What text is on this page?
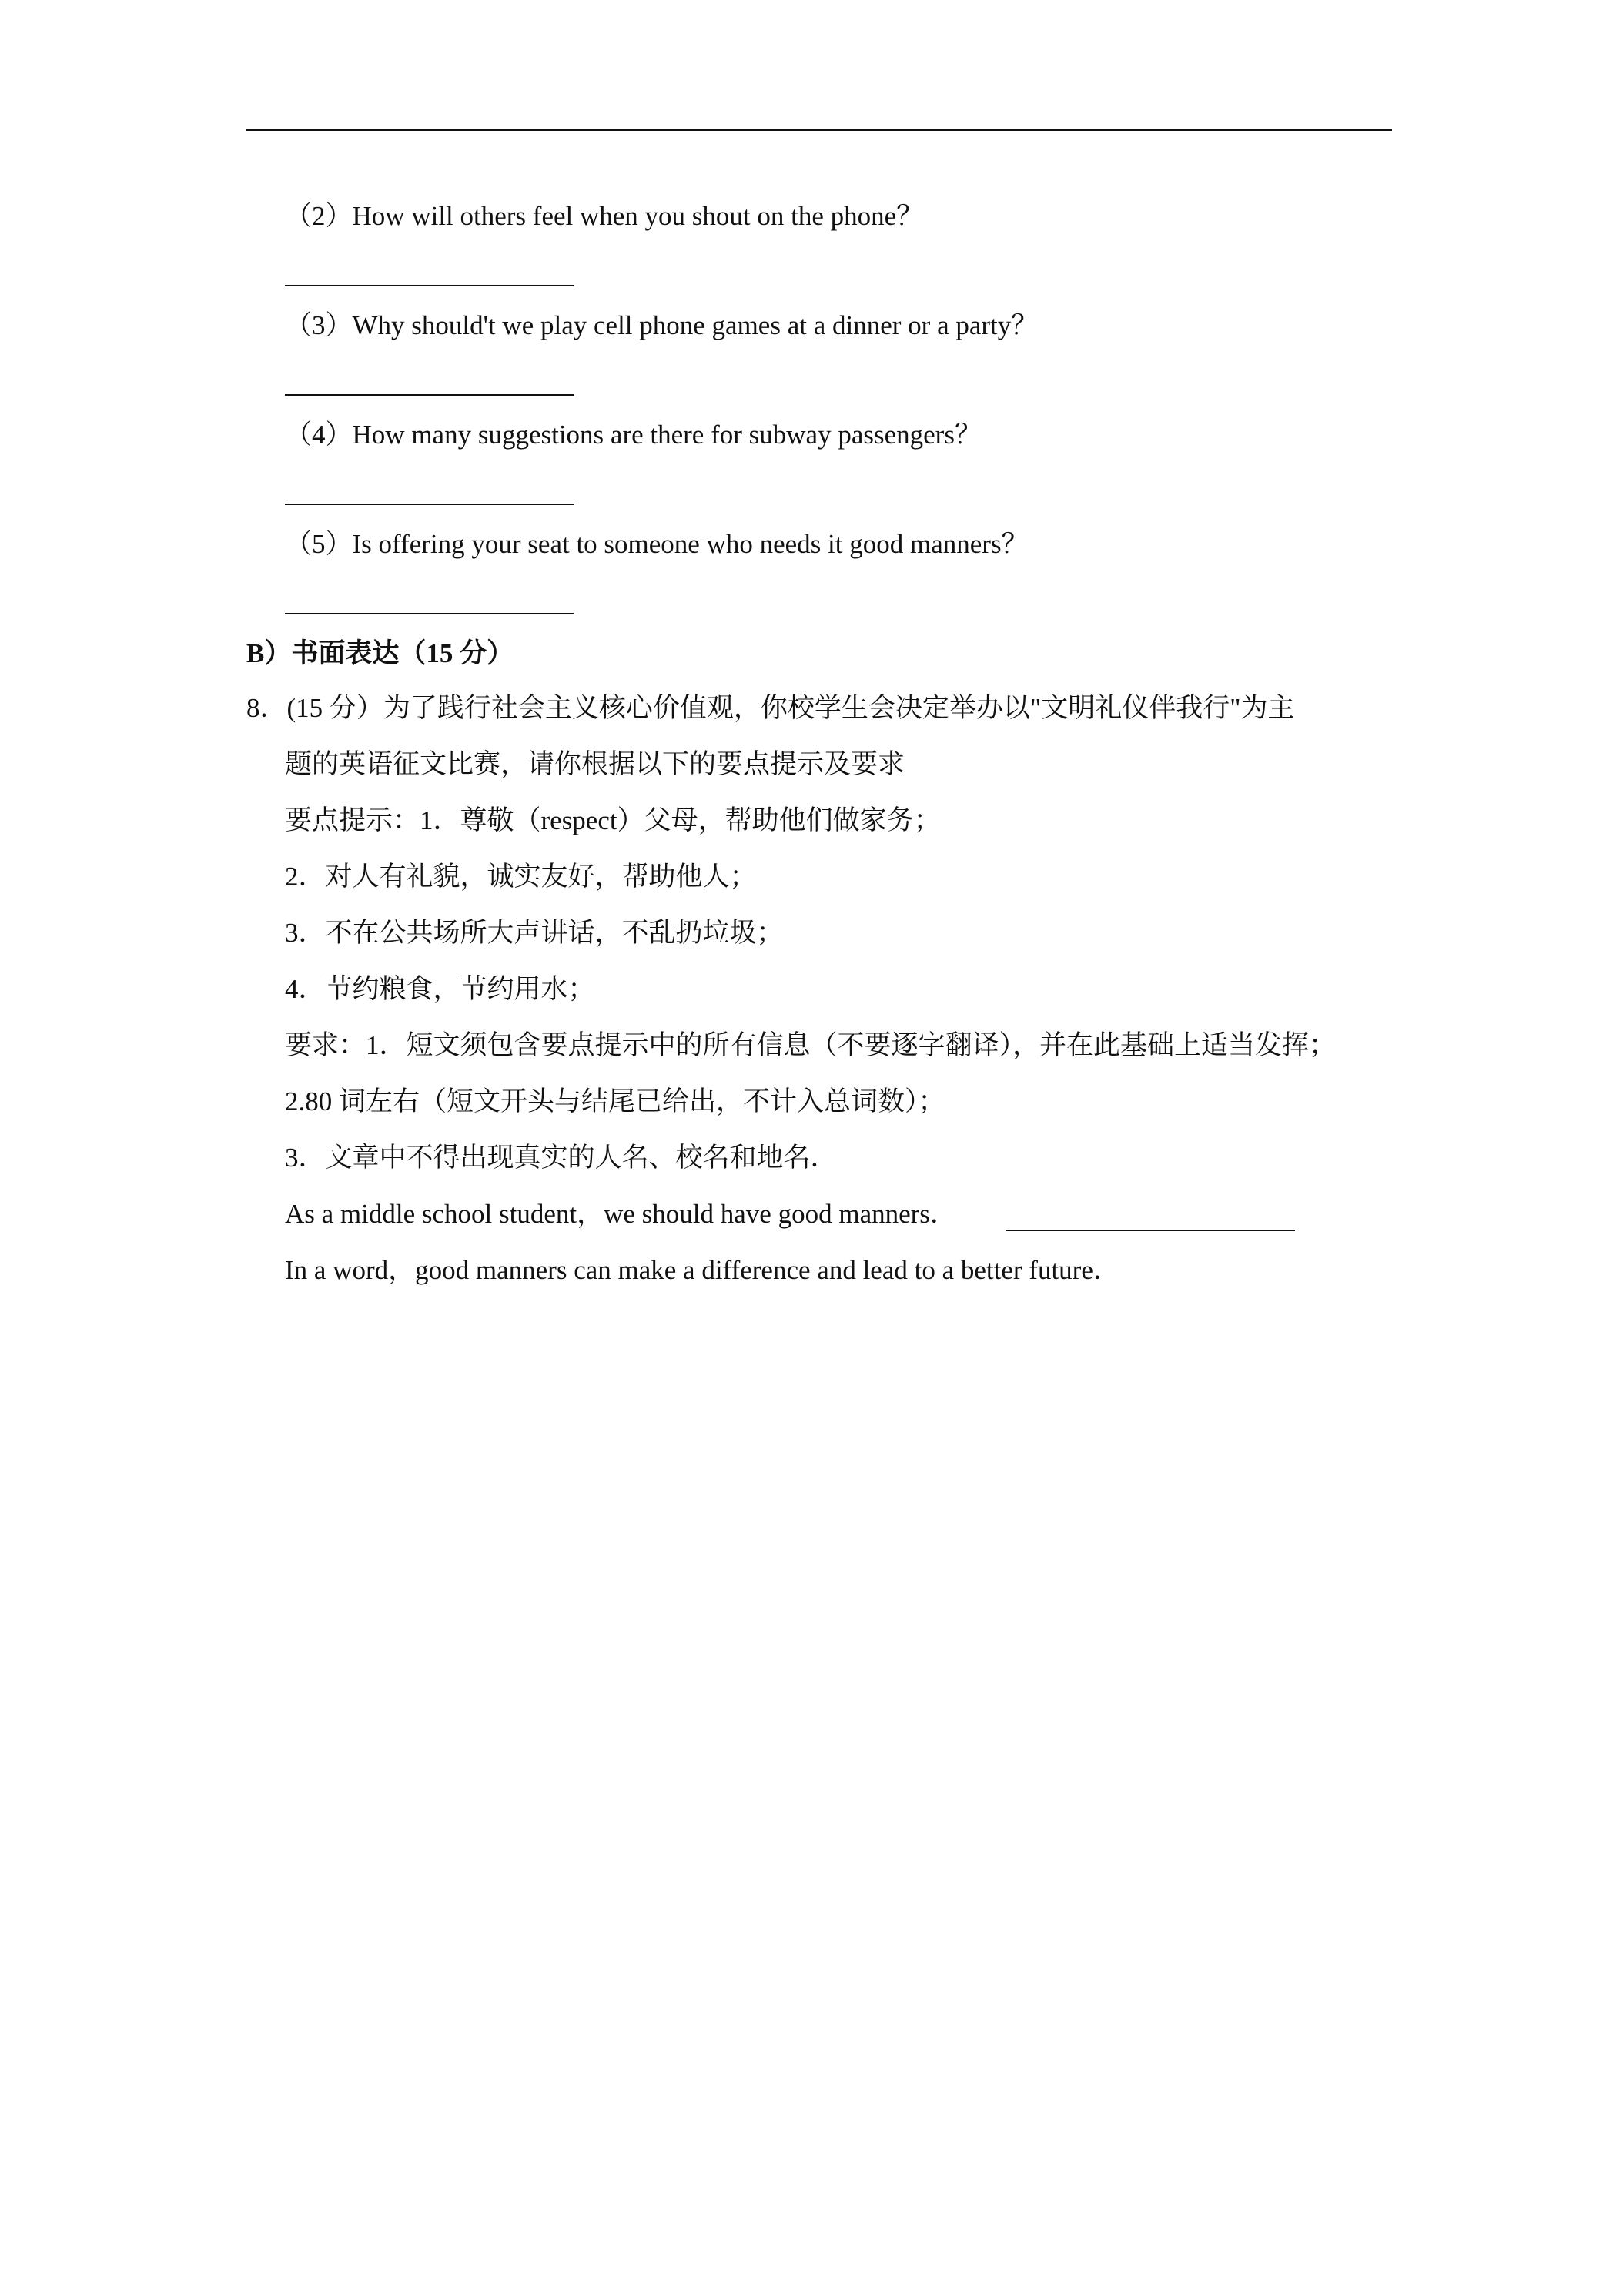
（2）How will others feel when you shout on the phone？
（3）Why should't we play cell phone games at a dinner or a party？
（4）How many suggestions are there for subway passengers？
（5）Is offering your seat to someone who needs it good manners？
B）书面表达（15 分）
8．(15 分）为了践行社会主义核心价值观，你校学生会决定举办以"文明礼仪伴我行"为主
题的英语征文比赛，请你根据以下的要点提示及要求
要点提示：1．尊敬（respect）父母，帮助他们做家务；
2．对人有礼貌，诚实友好，帮助他人；
3．不在公共场所大声讲话，不乱扔垃圾；
4．节约粮食，节约用水；
要求：1．短文须包含要点提示中的所有信息（不要逐字翻译），并在此基础上适当发挥；
2.80 词左右（短文开头与结尾已给出，不计入总词数）；
3．文章中不得出现真实的人名、校名和地名．
As a middle school student，we should have good manners．
In a word，good manners can make a difference and lead to a better future．
